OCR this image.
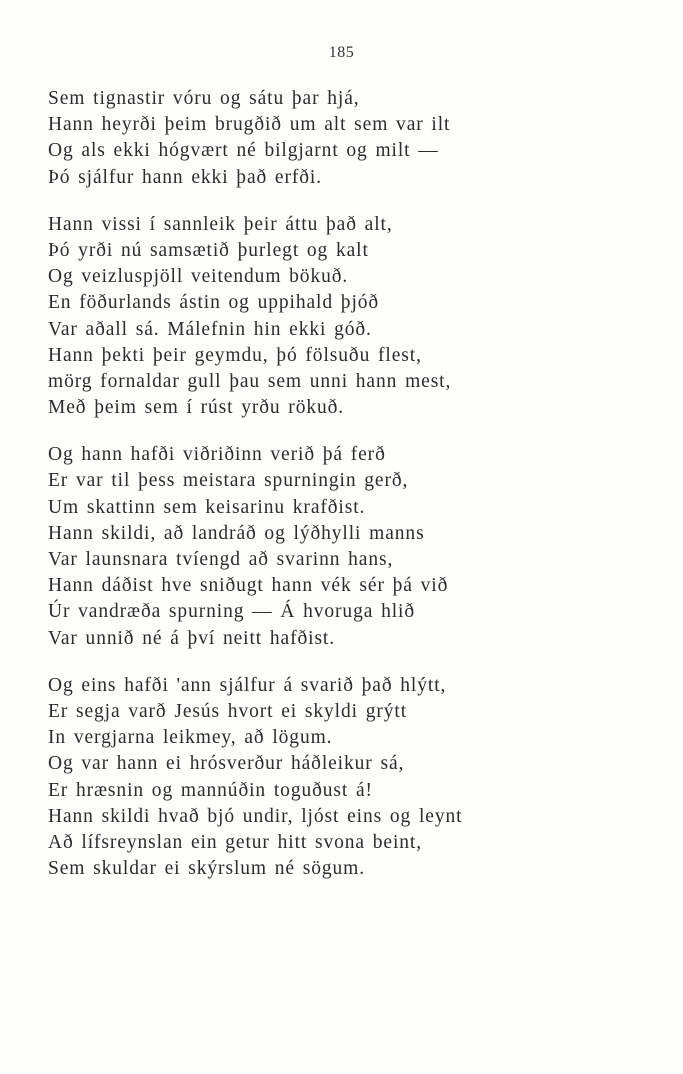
185
Sem tignastir vóru og sátu þar hjá,
Hann heyrði þeim brugðið um alt sem var ilt
Og als ekki hógvært né bilgjarnt og milt —
Þó sjálfur hann ekki það erfði.
Hann vissi í sannleik þeir áttu það alt,
Þó yrði nú samsætið þurlegt og kalt
Og veizluspjöll veitendum bökuð.
En föðurlands ástin og uppihald þjóð
Var aðall sá. Málefnin hin ekki góð.
Hann þekti þeir geymdu, þó fölsuðu flest,
mörg fornaldar gull þau sem unni hann mest,
Með þeim sem í rúst yrðu rökuð.
Og hann hafði viðriðinn verið þá ferð
Er var til þess meistara spurningin gerð,
Um skattinn sem keisarinu krafðist.
Hann skildi, að landráð og lýðhylli manns
Var launsnara tvíengd að svarinn hans,
Hann dáðist hve sniðugt hann vék sér þá við
Úr vandræða spurning — Á hvoruga hlið
Var unnið né á því neitt hafðist.
Og eins hafði 'ann sjálfur á svarið það hlýtt,
Er segja varð Jesús hvort ei skyldi grýtt
In vergjarna leikmey, að lögum.
Og var hann ei hrósverður háðleikur sá,
Er hræsnin og mannúðin toguðust á!
Hann skildi hvað bjó undir, ljóst eins og leynt
Að lífsreynslan ein getur hitt svona beint,
Sem skuldar ei skýrslum né sögum.
